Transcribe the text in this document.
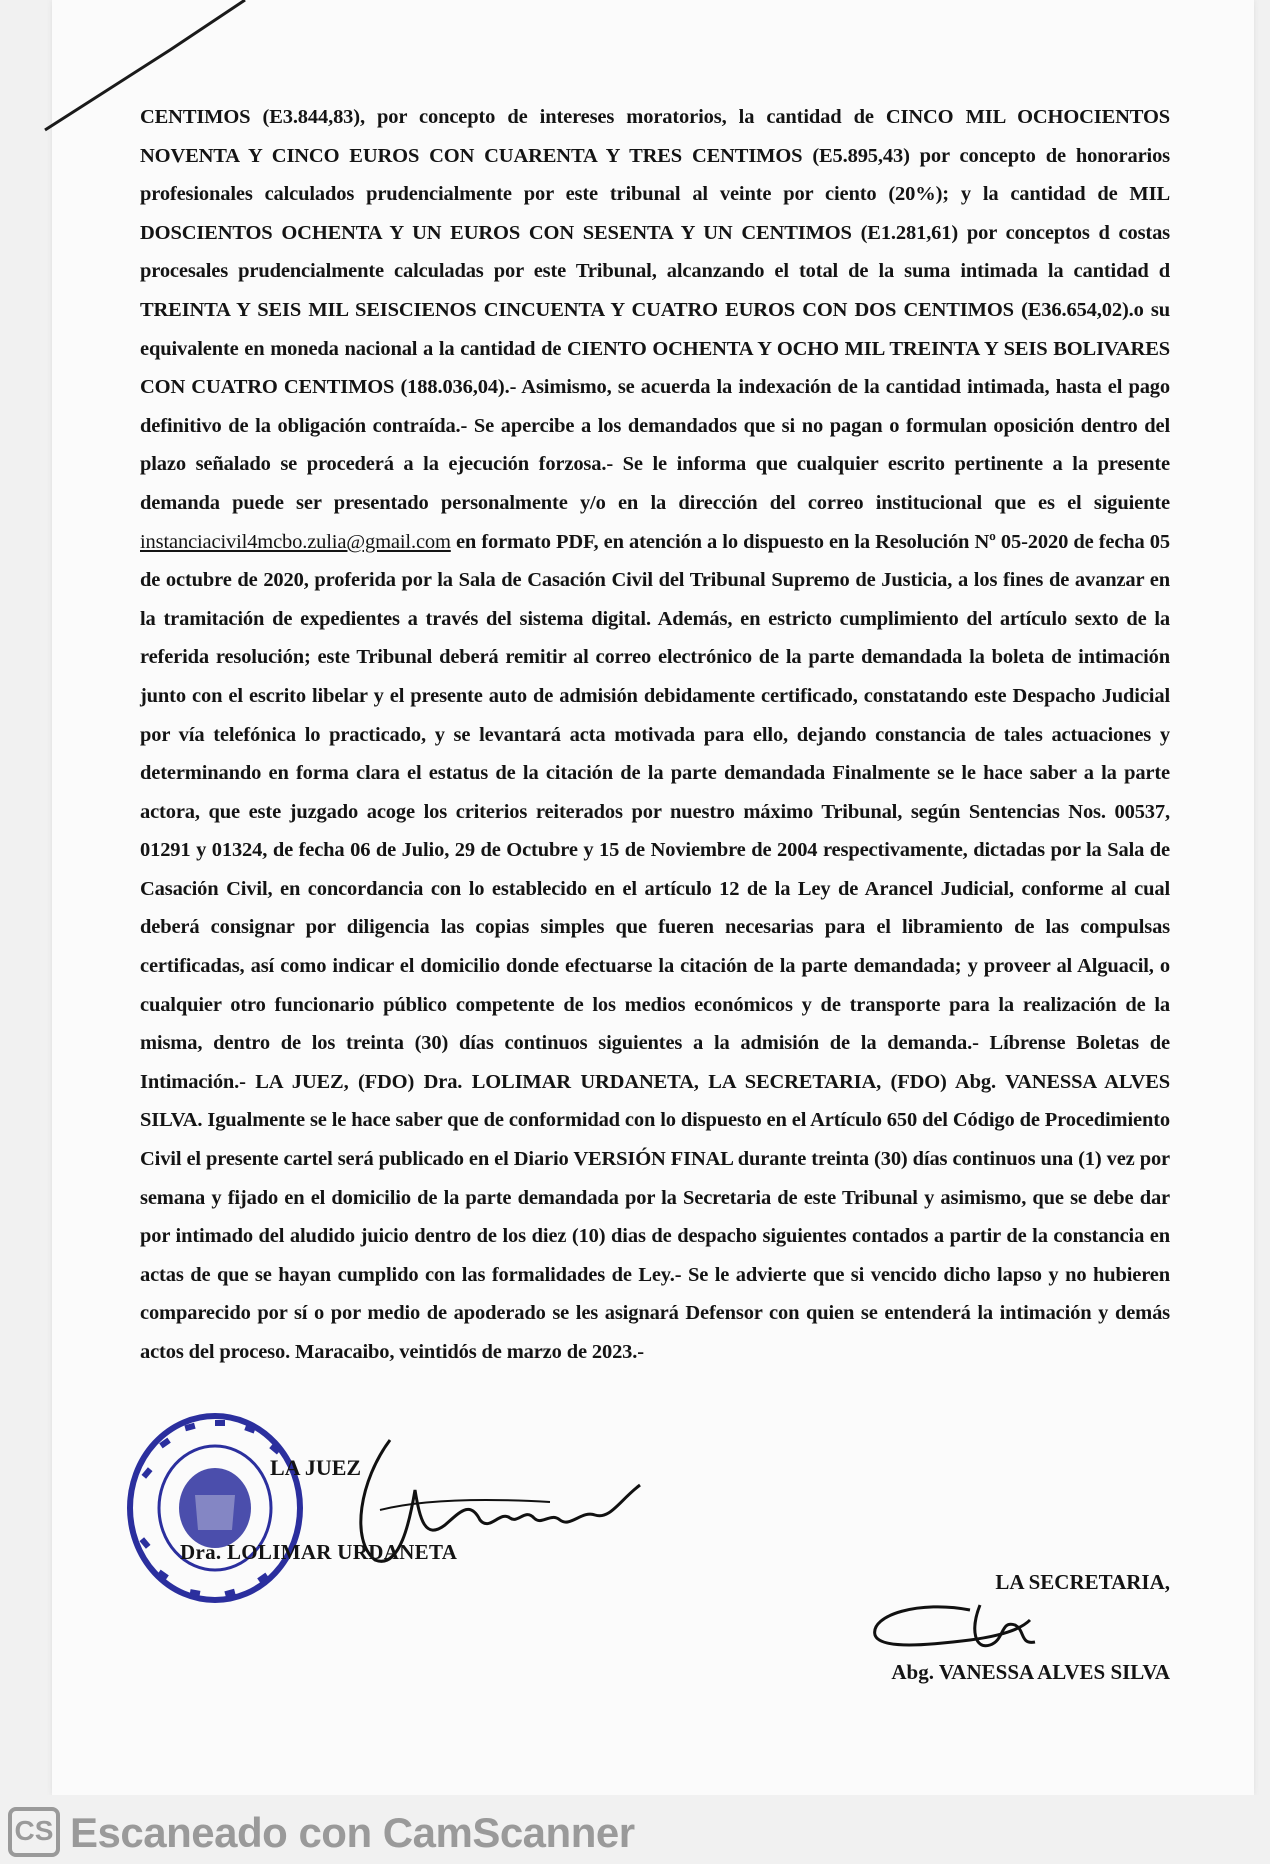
CENTIMOS (E3.844,83), por concepto de intereses moratorios, la cantidad de CINCO MIL OCHOCIENTOS NOVENTA Y CINCO EUROS CON CUARENTA Y TRES CENTIMOS (E5.895,43) por concepto de honorarios profesionales calculados prudencialmente por este tribunal al veinte por ciento (20%); y la cantidad de MIL DOSCIENTOS OCHENTA Y UN EUROS CON SESENTA Y UN CENTIMOS (E1.281,61) por conceptos d costas procesales prudencialmente calculadas por este Tribunal, alcanzando el total de la suma intimada la cantidad d TREINTA Y SEIS MIL SEISCIENOS CINCUENTA Y CUATRO EUROS CON DOS CENTIMOS (E36.654,02).o su equivalente en moneda nacional a la cantidad de CIENTO OCHENTA Y OCHO MIL TREINTA Y SEIS BOLIVARES CON CUATRO CENTIMOS (188.036,04).- Asimismo, se acuerda la indexación de la cantidad intimada, hasta el pago definitivo de la obligación contraída.- Se apercibe a los demandados que si no pagan o formulan oposición dentro del plazo señalado se procederá a la ejecución forzosa.- Se le informa que cualquier escrito pertinente a la presente demanda puede ser presentado personalmente y/o en la dirección del correo institucional que es el siguiente instanciacivil4mcbo.zulia@gmail.com en formato PDF, en atención a lo dispuesto en la Resolución Nº 05-2020 de fecha 05 de octubre de 2020, proferida por la Sala de Casación Civil del Tribunal Supremo de Justicia, a los fines de avanzar en la tramitación de expedientes a través del sistema digital. Además, en estricto cumplimiento del artículo sexto de la referida resolución; este Tribunal deberá remitir al correo electrónico de la parte demandada la boleta de intimación junto con el escrito libelar y el presente auto de admisión debidamente certificado, constatando este Despacho Judicial por vía telefónica lo practicado, y se levantará acta motivada para ello, dejando constancia de tales actuaciones y determinando en forma clara el estatus de la citación de la parte demandada Finalmente se le hace saber a la parte actora, que este juzgado acoge los criterios reiterados por nuestro máximo Tribunal, según Sentencias Nos. 00537, 01291 y 01324, de fecha 06 de Julio, 29 de Octubre y 15 de Noviembre de 2004 respectivamente, dictadas por la Sala de Casación Civil, en concordancia con lo establecido en el artículo 12 de la Ley de Arancel Judicial, conforme al cual deberá consignar por diligencia las copias simples que fueren necesarias para el libramiento de las compulsas certificadas, así como indicar el domicilio donde efectuarse la citación de la parte demandada; y proveer al Alguacil, o cualquier otro funcionario público competente de los medios económicos y de transporte para la realización de la misma, dentro de los treinta (30) días continuos siguientes a la admisión de la demanda.- Líbrense Boletas de Intimación.- LA JUEZ, (FDO) Dra. LOLIMAR URDANETA, LA SECRETARIA, (FDO) Abg. VANESSA ALVES SILVA. Igualmente se le hace saber que de conformidad con lo dispuesto en el Artículo 650 del Código de Procedimiento Civil el presente cartel será publicado en el Diario VERSIÓN FINAL durante treinta (30) días continuos una (1) vez por semana y fijado en el domicilio de la parte demandada por la Secretaria de este Tribunal y asimismo, que se debe dar por intimado del aludido juicio dentro de los diez (10) dias de despacho siguientes contados a partir de la constancia en actas de que se hayan cumplido con las formalidades de Ley.- Se le advierte que si vencido dicho lapso y no hubieren comparecido por sí o por medio de apoderado se les asignará Defensor con quien se entenderá la intimación y demás actos del proceso. Maracaibo, veintidós de marzo de 2023.-

LA JUEZ
Dra. LOLIMAR URDANETA
LA SECRETARIA,
Abg. VANESSA ALVES SILVA
CS Escaneado con CamScanner
